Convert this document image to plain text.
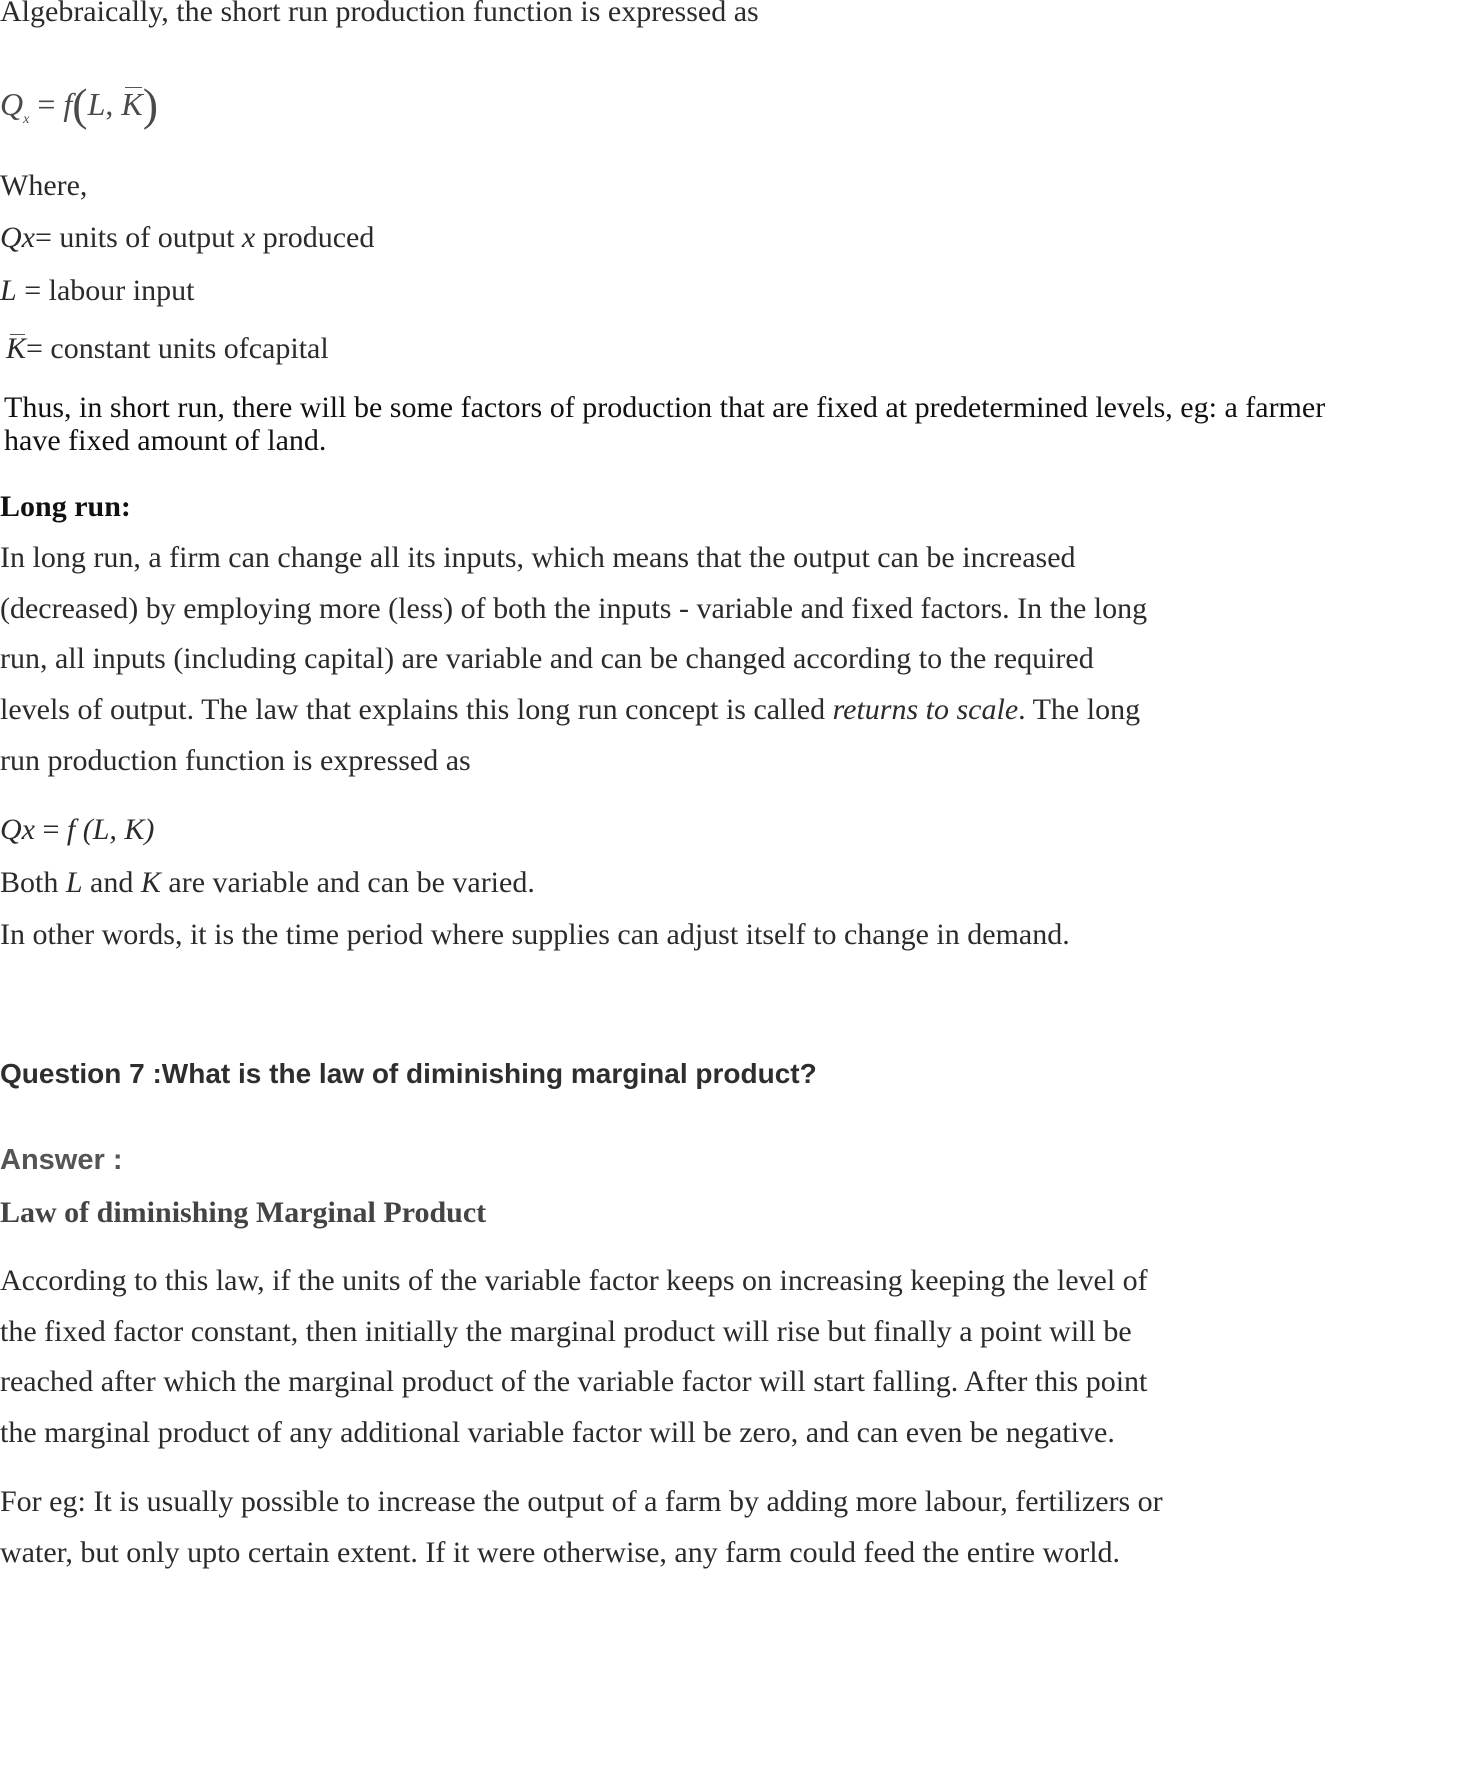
Algebraically, the short run production function is expressed as

$Q_x = f(L$, K)

Where,

Qx= units of output x produced

L = labour input

K= constant units ofcapital

Thus, in short run, there will be some factors of production that are fixed at predetermined levels, eg: a farmer

have fixed amount of land.

Long run:

In long run, a firm can change all its inputs, which means that the output can be increased

(decreased) by employing more (less) of both the inputs - variable and fixed factors. In the long

run, all inputs (including capital) are variable and can be changed according to the required

levels of output. The law that explains this long run concept is called returns to scale. The long

run production function is expressed as

Qx = f (L, K)

Both L and K are variable and can be varied.

In other words, it is the time period where supplies can adjust itself to change in demand.

Question 7 :What is the law of diminishing marginal product?

Answer :

Law of diminishing Marginal Product

According to this law, if the units of the variable factor keeps on increasing keeping the level of

the fixed factor constant, then initially the marginal product will rise but finally a point will be

reached after which the marginal product of the variable factor will start falling. After this point

the marginal product of any additional variable factor will be zero, and can even be negative.

For eg: It is usually possible to increase the output of a farm by adding more labour, fertilizers or

water, but only upto certain extent. If it were otherwise, any farm could feed the entire world.
